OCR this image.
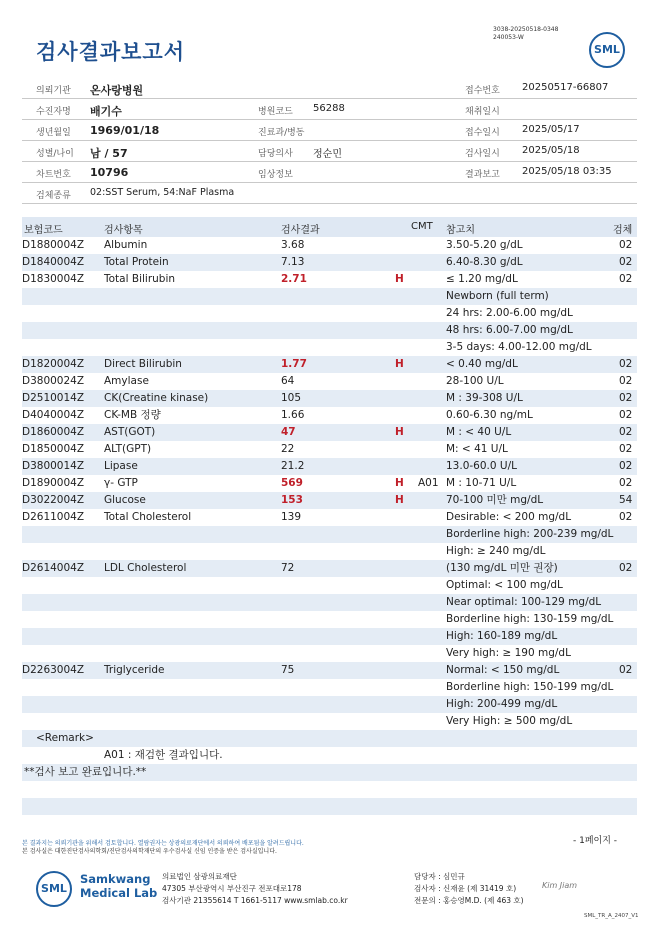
3038-20250518-0348
240053-W
검사결과보고서	SML
의뢰기관 온사랑병원	접수번호 20250517-66807
수진자명 배기수	병원코드 56288	채취일시
생년월일 1969/01/18	진료과/병동	접수일시 2025/05/17
성별/나이 남 / 57	담당의사 정순민	검사일시 2025/05/18
차트번호 10796	임상정보	결과보고 2025/05/18 03:35
검체종류 02:SST Serum, 54:NaF Plasma
보험코드	검사항목	검사결과	CMT 참고치	검체
D1880004Z Albumin	3.68	3.50-5.20 g/dL	02
D1840004Z Total Protein	7.13	6.40-8.30 g/dL	02
D1830004Z Total Bilirubin	2.71	H	≤ 1.20 mg/dL	02
Newborn (full term)
24 hrs: 2.00-6.00 mg/dL
48 hrs: 6.00-7.00 mg/dL
3-5 days: 4.00-12.00 mg/dL
D1820004Z Direct Bilirubin	1.77	H	< 0.40 mg/dL	02
D3800024Z Amylase	64	28-100 U/L	02
D2510014Z CK(Creatine kinase)	105	M : 39-308 U/L	02
D4040004Z CK-MB 정량	1.66	0.60-6.30 ng/mL	02
D1860004Z AST(GOT)	47	H	M : < 40 U/L	02
D1850004Z ALT(GPT)	22	M: < 41 U/L	02
D3800014Z Lipase	21.2	13.0-60.0 U/L	02
D1890004Z γ- GTP	569	H A01 M : 10-71 U/L	02
D3022004Z Glucose	153	H	70-100 미만 mg/dL	54
D2611004Z Total Cholesterol	139	Desirable: < 200 mg/dL	02
Borderline high: 200-239 mg/dL
High: ≥ 240 mg/dL
D2614004Z LDL Cholesterol	72	(130 mg/dL 미만 권장)	02
Optimal: < 100 mg/dL
Near optimal: 100-129 mg/dL
Borderline high: 130-159 mg/dL
High: 160-189 mg/dL
Very high: ≥ 190 mg/dL
D2263004Z Triglyceride	75	Normal: < 150 mg/dL	02
Borderline high: 150-199 mg/dL
High: 200-499 mg/dL
Very High: ≥ 500 mg/dL
<Remark>
A01 : 재검한 결과입니다.
**검사 보고 완료입니다.**
본 결과지는 의뢰기관을 위해서 검토합니다. 열람권자는 상광의료재단에서 의뢰하여 배포됨을 알려드립니다.
본 검사실은 대한진단검사의학회/진단검사의학재단의 우수검사실 신임 인증을 받은 검사실입니다.
- 1페이지 -
SML
Samkwang
Medical Lab
의료법인 삼광의료재단
47305 부산광역시 부산진구 전포대로178
검사기관 21355614 T 1661-5117 www.smlab.co.kr
담당자 : 심민규
검사자 : 신재윤 (제 31419 호)
전문의 : 홍승영M.D. (제 463 호)
Kim Jiam
SML_TR_A_2407_V1
